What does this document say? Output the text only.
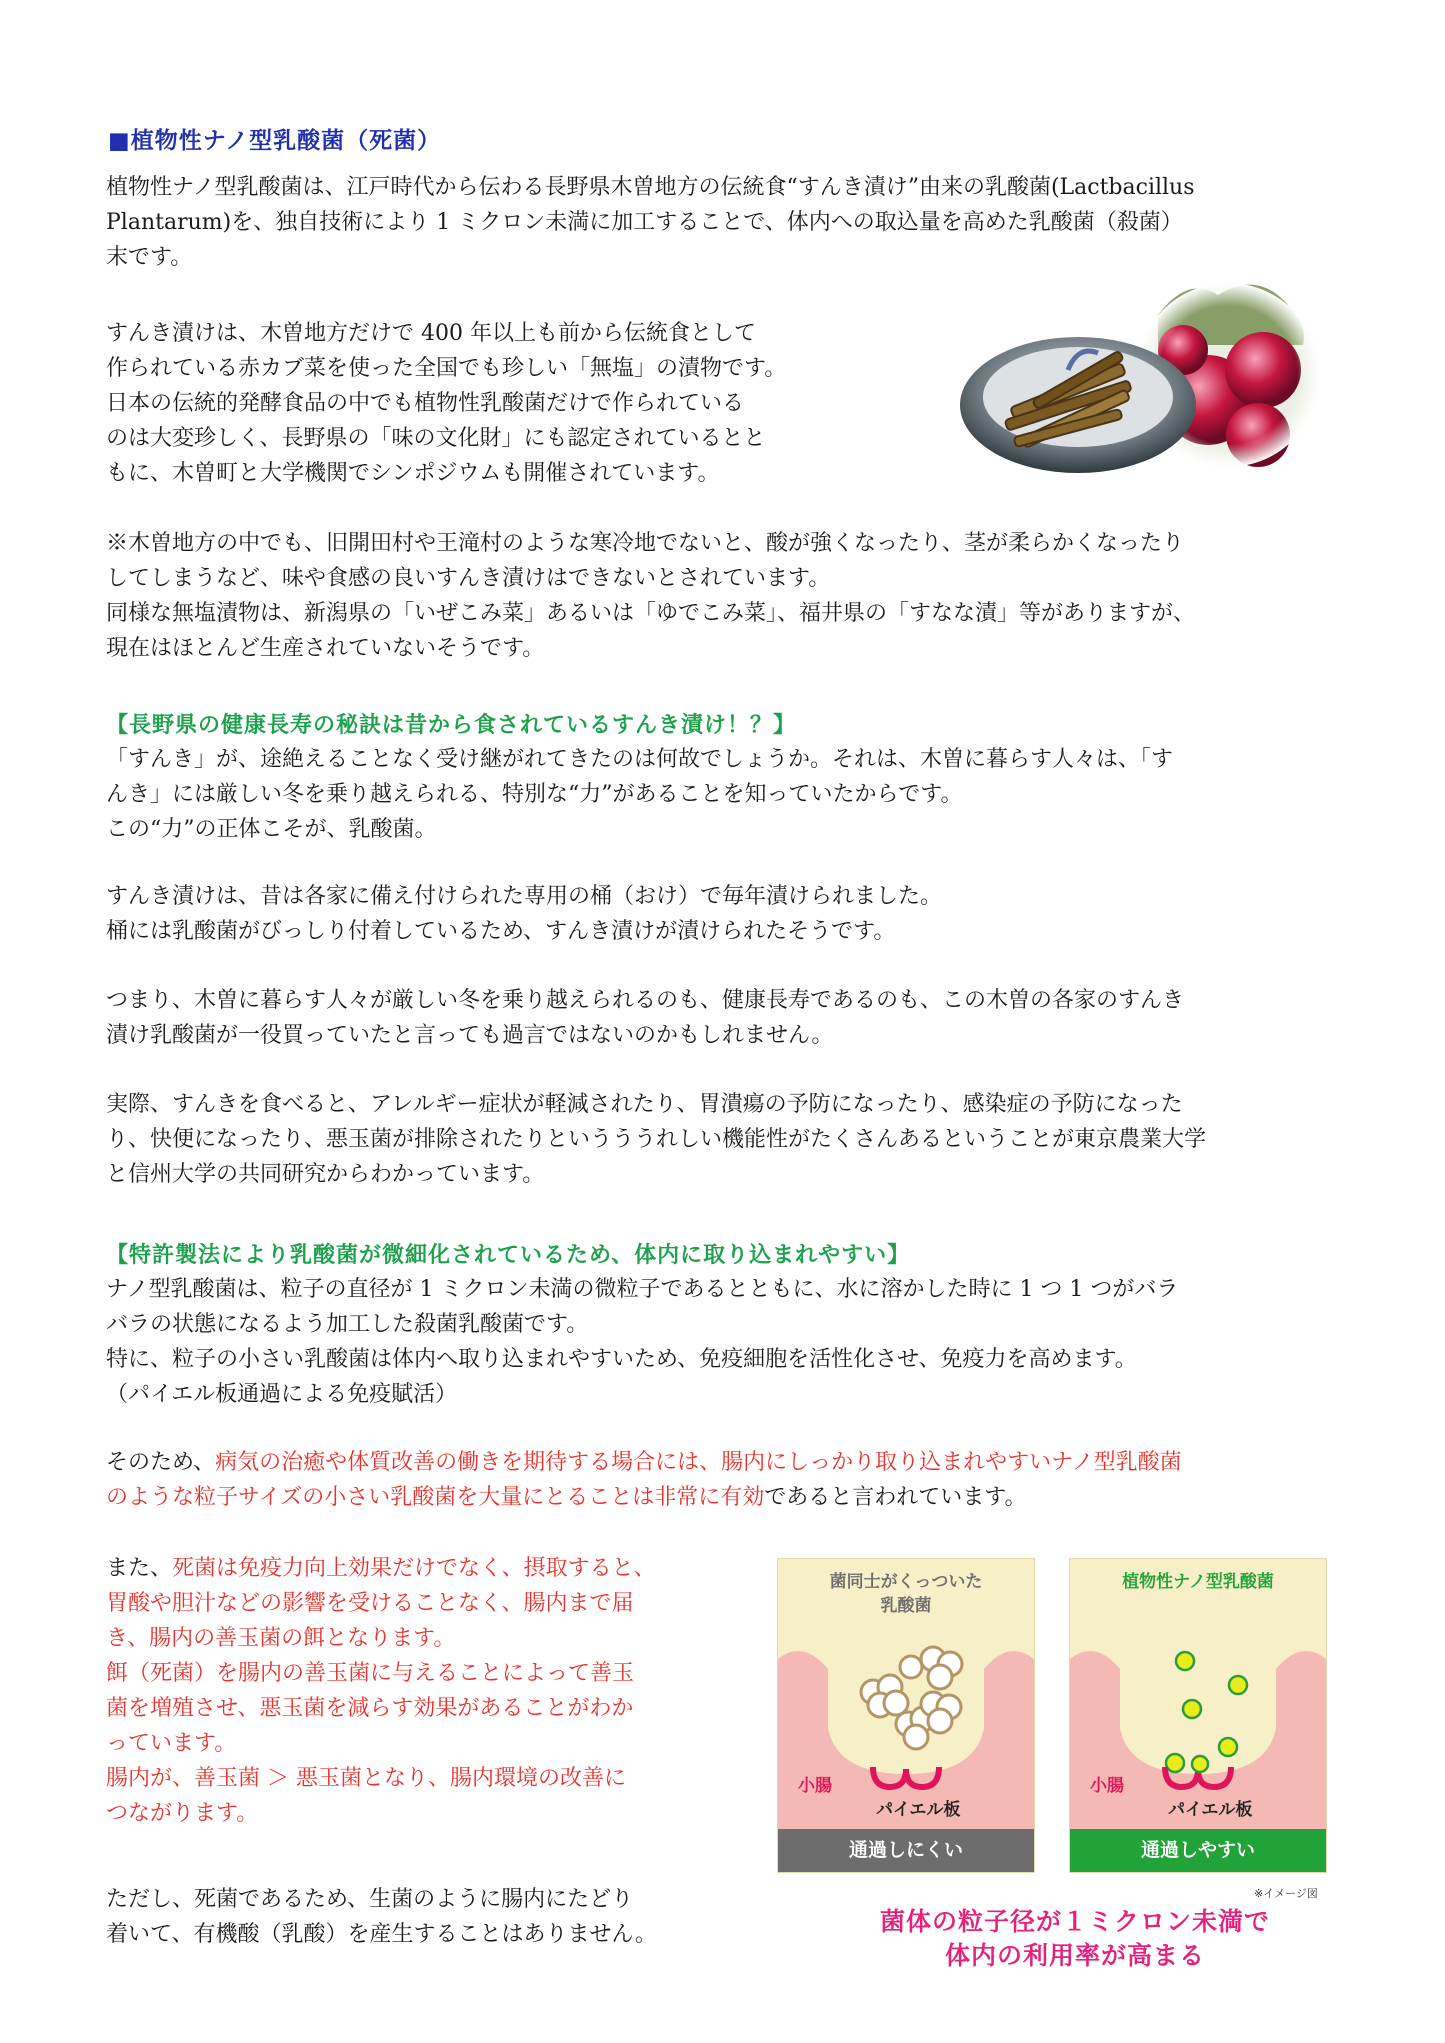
■植物性ナノ型乳酸菌（死菌）
植物性ナノ型乳酸菌は、江戸時代から伝わる長野県木曽地方の伝統食“すんき漬け”由来の乳酸菌(Lactbacillus
Plantarum)を、独自技術により 1 ミクロン未満に加工することで、体内への取込量を高めた乳酸菌（殺菌）
末です。
すんき漬けは、木曽地方だけで 400 年以上も前から伝統食として
作られている赤カブ菜を使った全国でも珍しい「無塩」の漬物です。
日本の伝統的発酵食品の中でも植物性乳酸菌だけで作られている
のは大変珍しく、長野県の「味の文化財」にも認定されているとと
もに、木曽町と大学機関でシンポジウムも開催されています。
※木曽地方の中でも、旧開田村や王滝村のような寒冷地でないと、酸が強くなったり、茎が柔らかくなったり
してしまうなど、味や食感の良いすんき漬けはできないとされています。
同様な無塩漬物は、新潟県の「いぜこみ菜」あるいは「ゆでこみ菜」、福井県の「すなな漬」等がありますが、
現在はほとんど生産されていないそうです。
【長野県の健康長寿の秘訣は昔から食されているすんき漬け！？】
「すんき」が、途絶えることなく受け継がれてきたのは何故でしょうか。それは、木曽に暮らす人々は、「す
んき」には厳しい冬を乗り越えられる、特別な“力”があることを知っていたからです。
この“力”の正体こそが、乳酸菌。
すんき漬けは、昔は各家に備え付けられた専用の桶（おけ）で毎年漬けられました。
桶には乳酸菌がびっしり付着しているため、すんき漬けが漬けられたそうです。
つまり、木曽に暮らす人々が厳しい冬を乗り越えられるのも、健康長寿であるのも、この木曽の各家のすんき
漬け乳酸菌が一役買っていたと言っても過言ではないのかもしれません。
実際、すんきを食べると、アレルギー症状が軽減されたり、胃潰瘍の予防になったり、感染症の予防になった
り、快便になったり、悪玉菌が排除されたりというううれしい機能性がたくさんあるということが東京農業大学
と信州大学の共同研究からわかっています。
【特許製法により乳酸菌が微細化されているため、体内に取り込まれやすい】
ナノ型乳酸菌は、粒子の直径が 1 ミクロン未満の微粒子であるとともに、水に溶かした時に 1 つ 1 つがバラ
バラの状態になるよう加工した殺菌乳酸菌です。
特に、粒子の小さい乳酸菌は体内へ取り込まれやすいため、免疫細胞を活性化させ、免疫力を高めます。
（パイエル板通過による免疫賦活）
そのため、病気の治癒や体質改善の働きを期待する場合には、腸内にしっかり取り込まれやすいナノ型乳酸菌
のような粒子サイズの小さい乳酸菌を大量にとることは非常に有効であると言われています。
また、死菌は免疫力向上効果だけでなく、摂取すると、
胃酸や胆汁などの影響を受けることなく、腸内まで届
き、腸内の善玉菌の餌となります。
餌（死菌）を腸内の善玉菌に与えることによって善玉
菌を増殖させ、悪玉菌を減らす効果があることがわか
っています。
腸内が、善玉菌 ＞ 悪玉菌となり、腸内環境の改善に
つながります。
ただし、死菌であるため、生菌のように腸内にたどり
着いて、有機酸（乳酸）を産生することはありません。
菌同士がくっついた
乳酸菌
小腸
パイエル板
通過しにくい
植物性ナノ型乳酸菌
小腸
パイエル板
通過しやすい
※イメージ図
菌体の粒子径が１ミクロン未満で
体内の利用率が高まる
